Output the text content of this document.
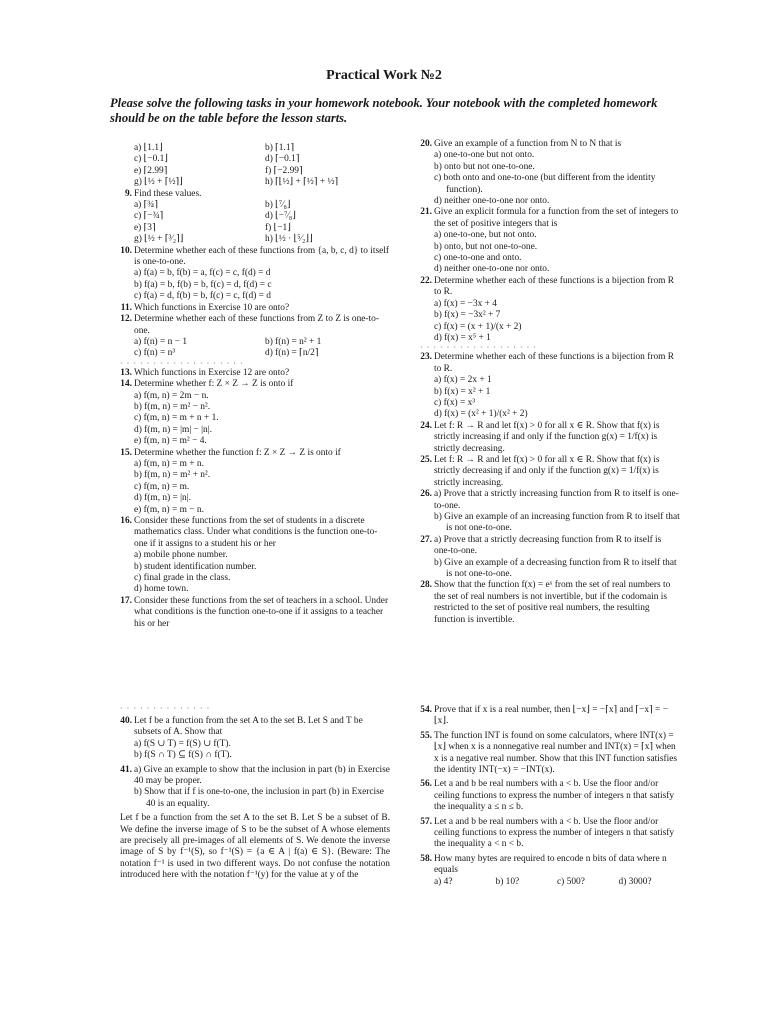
Practical Work №2
Please solve the following tasks in your homework notebook. Your notebook with the completed homework should be on the table before the lesson starts.
a) ⌊1.1⌋	b) ⌈1.1⌉
c) ⌊−0.1⌋	d) ⌈−0.1⌉
e) ⌈2.99⌉	f) ⌈−2.99⌉
g) ⌊½ + ⌈½⌉⌋	h) ⌈⌊½⌋ + ⌈½⌉ + ½⌉
9. Find these values.
a) ⌈¾⌉	b) ⌊⁷⁄₈⌋
c) ⌈−¾⌉	d) ⌊−⁷⁄₈⌋
e) ⌈3⌉	f) ⌊−1⌋
g) ⌊½ + ⌈³⁄₂⌉⌋	h) ⌊½ · ⌊⁵⁄₂⌋⌋
10. Determine whether each of these functions from {a, b, c, d} to itself is one-to-one.
a) f(a) = b, f(b) = a, f(c) = c, f(d) = d
b) f(a) = b, f(b) = b, f(c) = d, f(d) = c
c) f(a) = d, f(b) = b, f(c) = c, f(d) = d
11. Which functions in Exercise 10 are onto?
12. Determine whether each of these functions from Z to Z is one-to-one.
a) f(n) = n − 1	b) f(n) = n² + 1
c) f(n) = n³	d) f(n) = ⌈n/2⌉
· · · · · · · · · · · · · · · · · · ·
13. Which functions in Exercise 12 are onto?
14. Determine whether f: Z × Z → Z is onto if
a) f(m, n) = 2m − n.
b) f(m, n) = m² − n².
c) f(m, n) = m + n + 1.
d) f(m, n) = |m| − |n|.
e) f(m, n) = m² − 4.
15. Determine whether the function f: Z × Z → Z is onto if
a) f(m, n) = m + n.
b) f(m, n) = m² + n².
c) f(m, n) = m.
d) f(m, n) = |n|.
e) f(m, n) = m − n.
16. Consider these functions from the set of students in a discrete mathematics class. Under what conditions is the function one-to-one if it assigns to a student his or her
a) mobile phone number.
b) student identification number.
c) final grade in the class.
d) home town.
17. Consider these functions from the set of teachers in a school. Under what conditions is the function one-to-one if it assigns to a teacher his or her
20. Give an example of a function from N to N that is
a) one-to-one but not onto.
b) onto but not one-to-one.
c) both onto and one-to-one (but different from the identity function).
d) neither one-to-one nor onto.
21. Give an explicit formula for a function from the set of integers to the set of positive integers that is
a) one-to-one, but not onto.
b) onto, but not one-to-one.
c) one-to-one and onto.
d) neither one-to-one nor onto.
22. Determine whether each of these functions is a bijection from R to R.
a) f(x) = −3x + 4
b) f(x) = −3x² + 7
c) f(x) = (x + 1)/(x + 2)
d) f(x) = x⁵ + 1
· · · · · · · · · · · · · · · · · ·
23. Determine whether each of these functions is a bijection from R to R.
a) f(x) = 2x + 1
b) f(x) = x² + 1
c) f(x) = x³
d) f(x) = (x² + 1)/(x² + 2)
24. Let f: R → R and let f(x) > 0 for all x ∈ R. Show that f(x) is strictly increasing if and only if the function g(x) = 1/f(x) is strictly decreasing.
25. Let f: R → R and let f(x) > 0 for all x ∈ R. Show that f(x) is strictly decreasing if and only if the function g(x) = 1/f(x) is strictly increasing.
26. a) Prove that a strictly increasing function from R to itself is one-to-one.
b) Give an example of an increasing function from R to itself that is not one-to-one.
27. a) Prove that a strictly decreasing function from R to itself is one-to-one.
b) Give an example of a decreasing function from R to itself that is not one-to-one.
28. Show that the function f(x) = eˣ from the set of real numbers to the set of real numbers is not invertible, but if the codomain is restricted to the set of positive real numbers, the resulting function is invertible.
· · · · · · · · · · · · · ·
40. Let f be a function from the set A to the set B. Let S and T be subsets of A. Show that
a) f(S ∪ T) = f(S) ∪ f(T).
b) f(S ∩ T) ⊆ f(S) ∩ f(T).
41. a) Give an example to show that the inclusion in part (b) in Exercise 40 may be proper.
b) Show that if f is one-to-one, the inclusion in part (b) in Exercise 40 is an equality.
Let f be a function from the set A to the set B. Let S be a subset of B. We define the inverse image of S to be the subset of A whose elements are precisely all pre-images of all elements of S. We denote the inverse image of S by f⁻¹(S), so f⁻¹(S) = {a ∈ A | f(a) ∈ S}. (Beware: The notation f⁻¹ is used in two different ways. Do not confuse the notation introduced here with the notation f⁻¹(y) for the value at y of the
54. Prove that if x is a real number, then ⌊−x⌋ = −⌈x⌉ and ⌈−x⌉ = −⌊x⌋.
55. The function INT is found on some calculators, where INT(x) = ⌊x⌋ when x is a nonnegative real number and INT(x) = ⌈x⌉ when x is a negative real number. Show that this INT function satisfies the identity INT(−x) = −INT(x).
56. Let a and b be real numbers with a < b. Use the floor and/or ceiling functions to express the number of integers n that satisfy the inequality a ≤ n ≤ b.
57. Let a and b be real numbers with a < b. Use the floor and/or ceiling functions to express the number of integers n that satisfy the inequality a < n < b.
58. How many bytes are required to encode n bits of data where n equals
a) 4?	b) 10?	c) 500?	d) 3000?
